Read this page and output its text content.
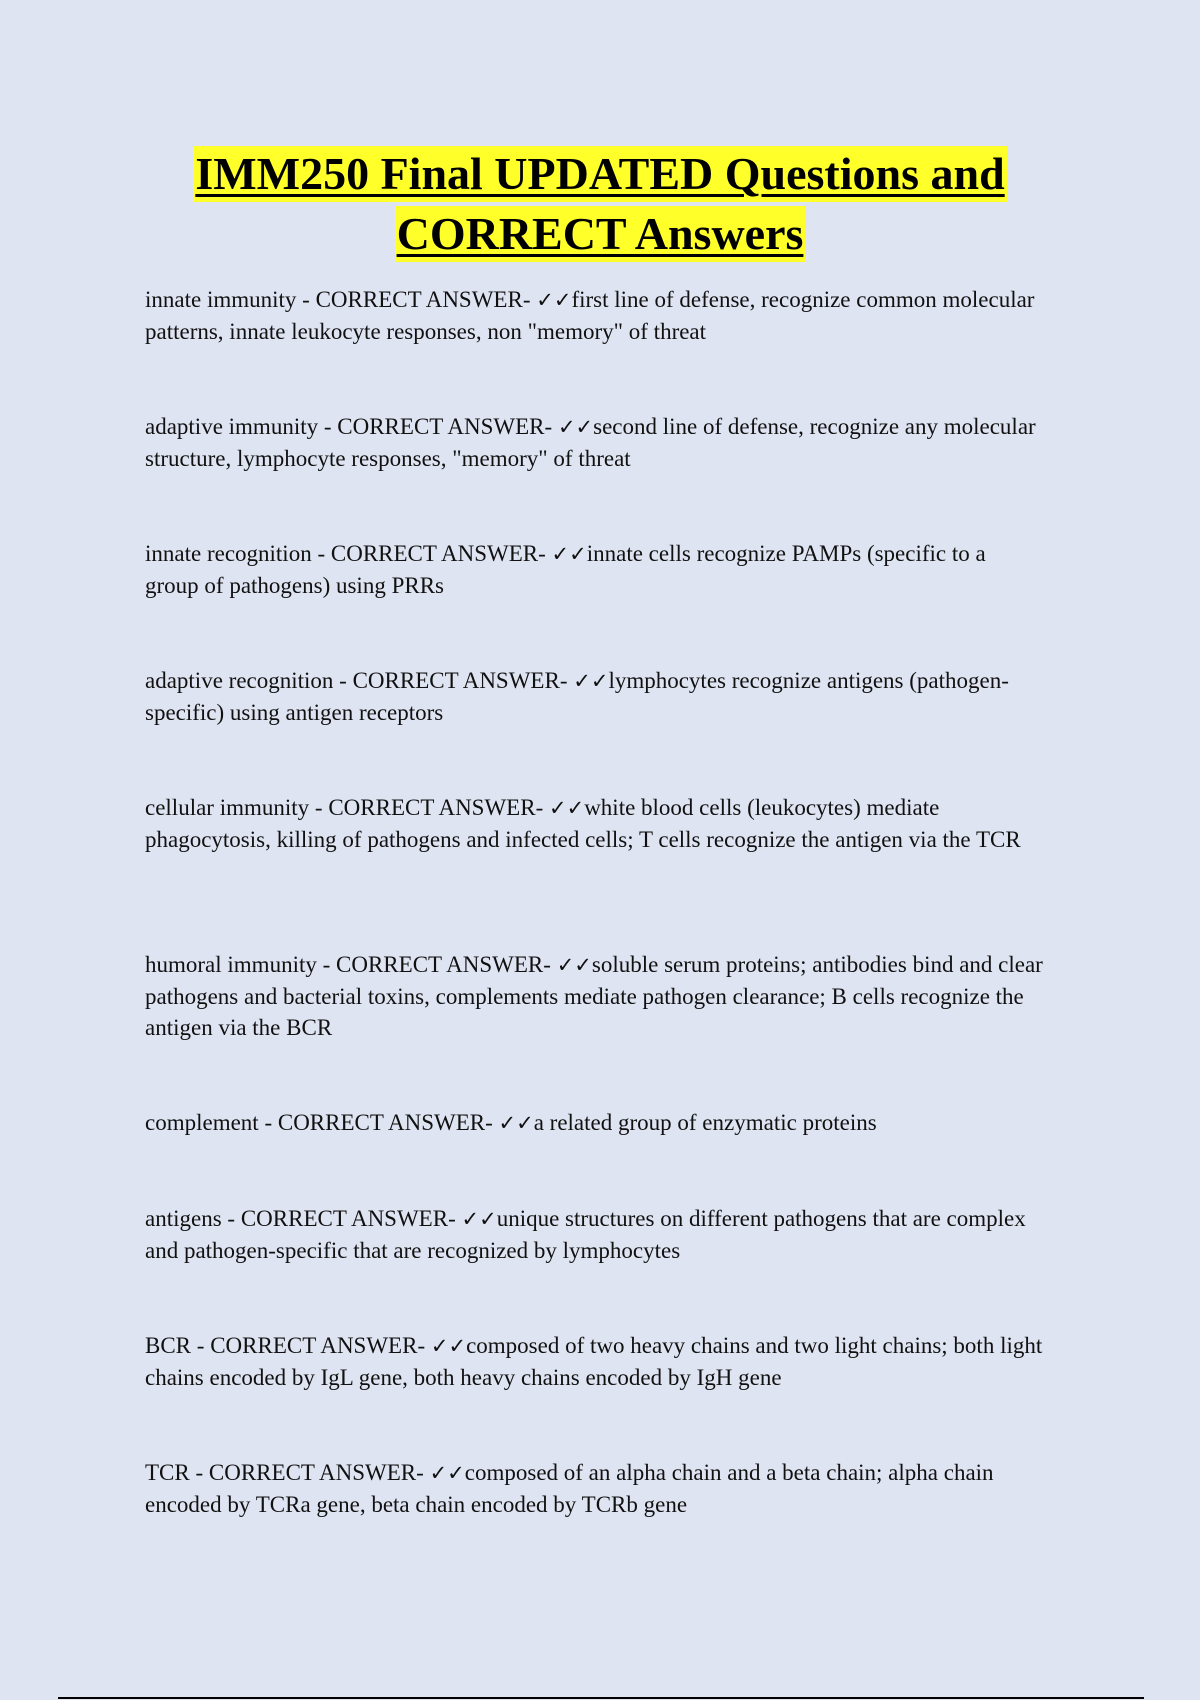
IMM250 Final UPDATED Questions and
CORRECT Answers

innate immunity - CORRECT ANSWER- ✓✓first line of defense, recognize common molecular patterns, innate leukocyte responses, non "memory" of threat

adaptive immunity - CORRECT ANSWER- ✓✓second line of defense, recognize any molecular structure, lymphocyte responses, "memory" of threat

innate recognition - CORRECT ANSWER- ✓✓innate cells recognize PAMPs (specific to a group of pathogens) using PRRs

adaptive recognition - CORRECT ANSWER- ✓✓lymphocytes recognize antigens (pathogen-specific) using antigen receptors

cellular immunity - CORRECT ANSWER- ✓✓white blood cells (leukocytes) mediate phagocytosis, killing of pathogens and infected cells; T cells recognize the antigen via the TCR

humoral immunity - CORRECT ANSWER- ✓✓soluble serum proteins; antibodies bind and clear pathogens and bacterial toxins, complements mediate pathogen clearance; B cells recognize the antigen via the BCR

complement - CORRECT ANSWER- ✓✓a related group of enzymatic proteins

antigens - CORRECT ANSWER- ✓✓unique structures on different pathogens that are complex and pathogen-specific that are recognized by lymphocytes

BCR - CORRECT ANSWER- ✓✓composed of two heavy chains and two light chains; both light chains encoded by IgL gene, both heavy chains encoded by IgH gene

TCR - CORRECT ANSWER- ✓✓composed of an alpha chain and a beta chain; alpha chain encoded by TCRa gene, beta chain encoded by TCRb gene
